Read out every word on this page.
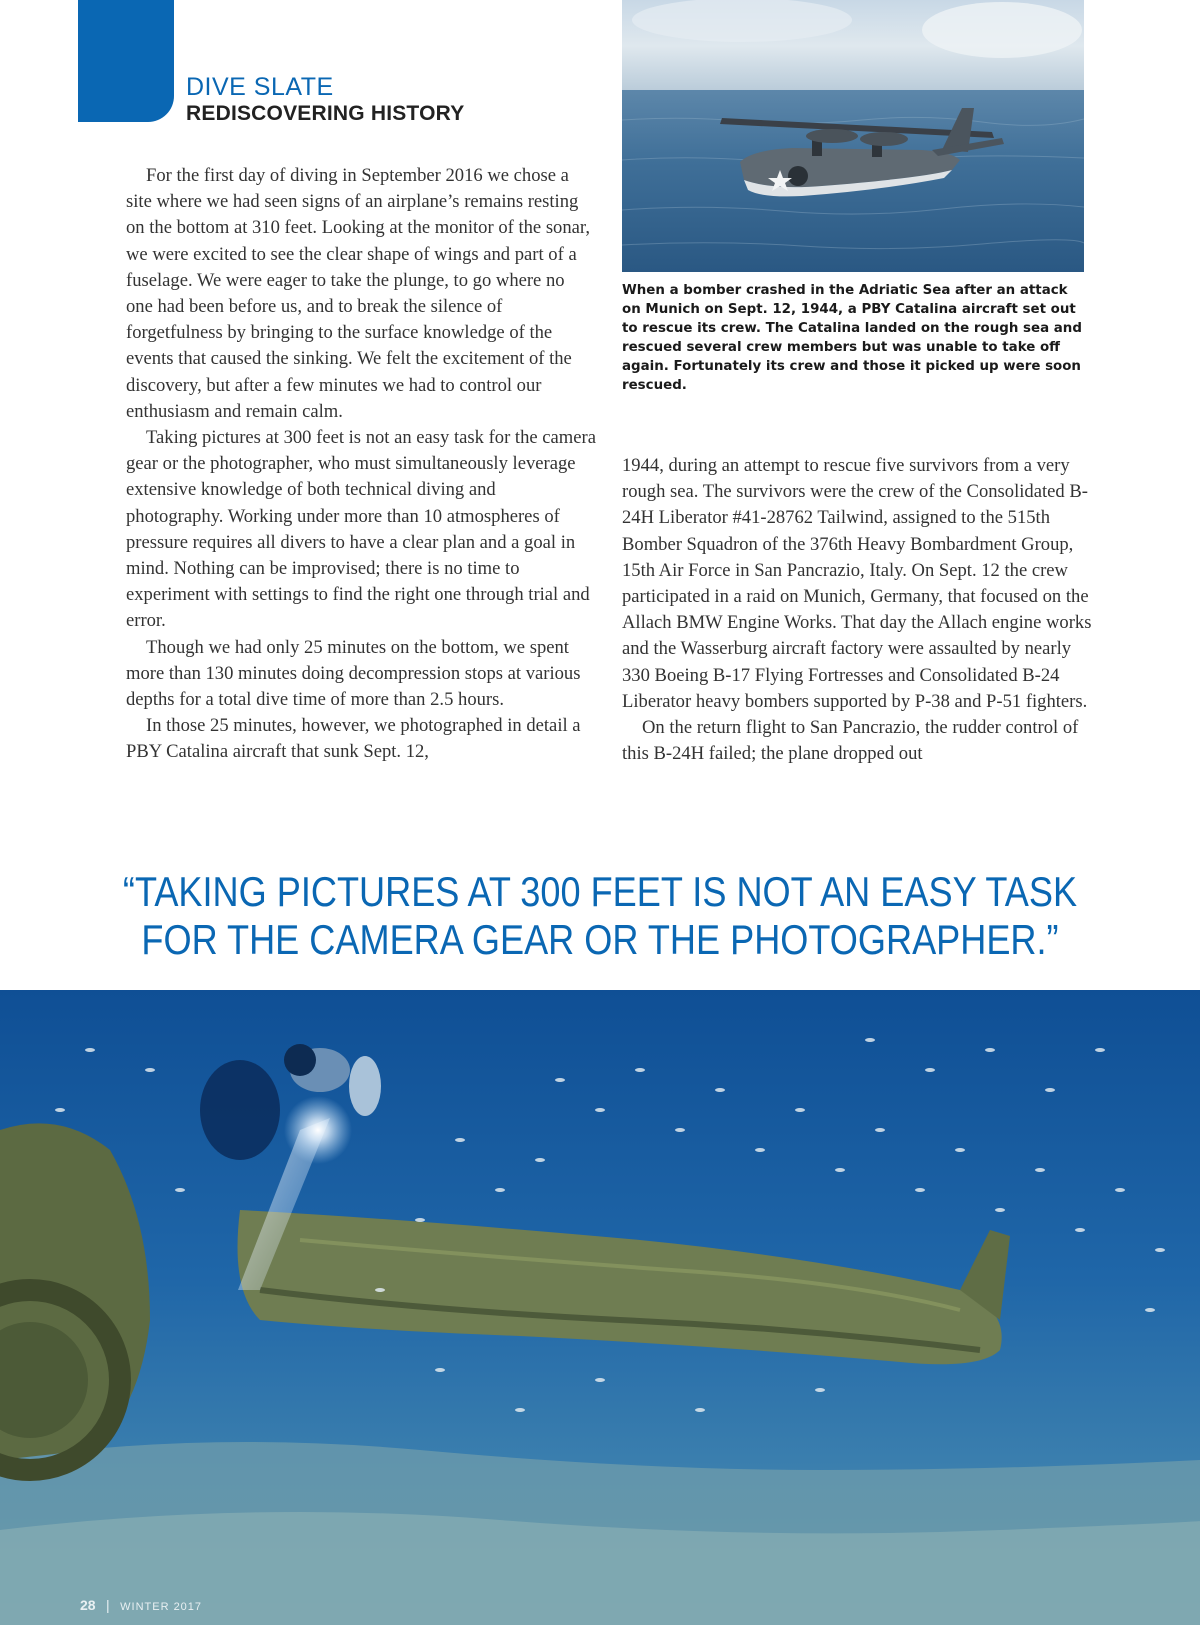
DIVE SLATE
REDISCOVERING HISTORY
When a bomber crashed in the Adriatic Sea after an attack on Munich on Sept. 12, 1944, a PBY Catalina aircraft set out to rescue its crew. The Catalina landed on the rough sea and rescued several crew members but was unable to take off again. Fortunately its crew and those it picked up were soon rescued.

For the first day of diving in September 2016 we chose a site where we had seen signs of an airplane’s remains resting on the bottom at 310 feet. Looking at the monitor of the sonar, we were excited to see the clear shape of wings and part of a fuselage. We were eager to take the plunge, to go where no one had been before us, and to break the silence of forgetfulness by bringing to the surface knowledge of the events that caused the sinking. We felt the excitement of the discovery, but after a few minutes we had to control our enthusiasm and remain calm.

Taking pictures at 300 feet is not an easy task for the camera gear or the photographer, who must simultaneously leverage extensive knowledge of both technical diving and photography. Working under more than 10 atmospheres of pressure requires all divers to have a clear plan and a goal in mind. Nothing can be improvised; there is no time to experiment with settings to find the right one through trial and error.

Though we had only 25 minutes on the bottom, we spent more than 130 minutes doing decompression stops at various depths for a total dive time of more than 2.5 hours.

In those 25 minutes, however, we photographed in detail a PBY Catalina aircraft that sunk Sept. 12,

1944, during an attempt to rescue five survivors from a very rough sea. The survivors were the crew of the Consolidated B-24H Liberator #41-28762 Tailwind, assigned to the 515th Bomber Squadron of the 376th Heavy Bombardment Group, 15th Air Force in San Pancrazio, Italy. On Sept. 12 the crew participated in a raid on Munich, Germany, that focused on the Allach BMW Engine Works. That day the Allach engine works and the Wasserburg aircraft factory were assaulted by nearly 330 Boeing B-17 Flying Fortresses and Consolidated B-24 Liberator heavy bombers supported by P-38 and P-51 fighters.

On the return flight to San Pancrazio, the rudder control of this B-24H failed; the plane dropped out

“TAKING PICTURES AT 300 FEET IS NOT AN EASY TASK
FOR THE CAMERA GEAR OR THE PHOTOGRAPHER.”
28 | WINTER 2017
